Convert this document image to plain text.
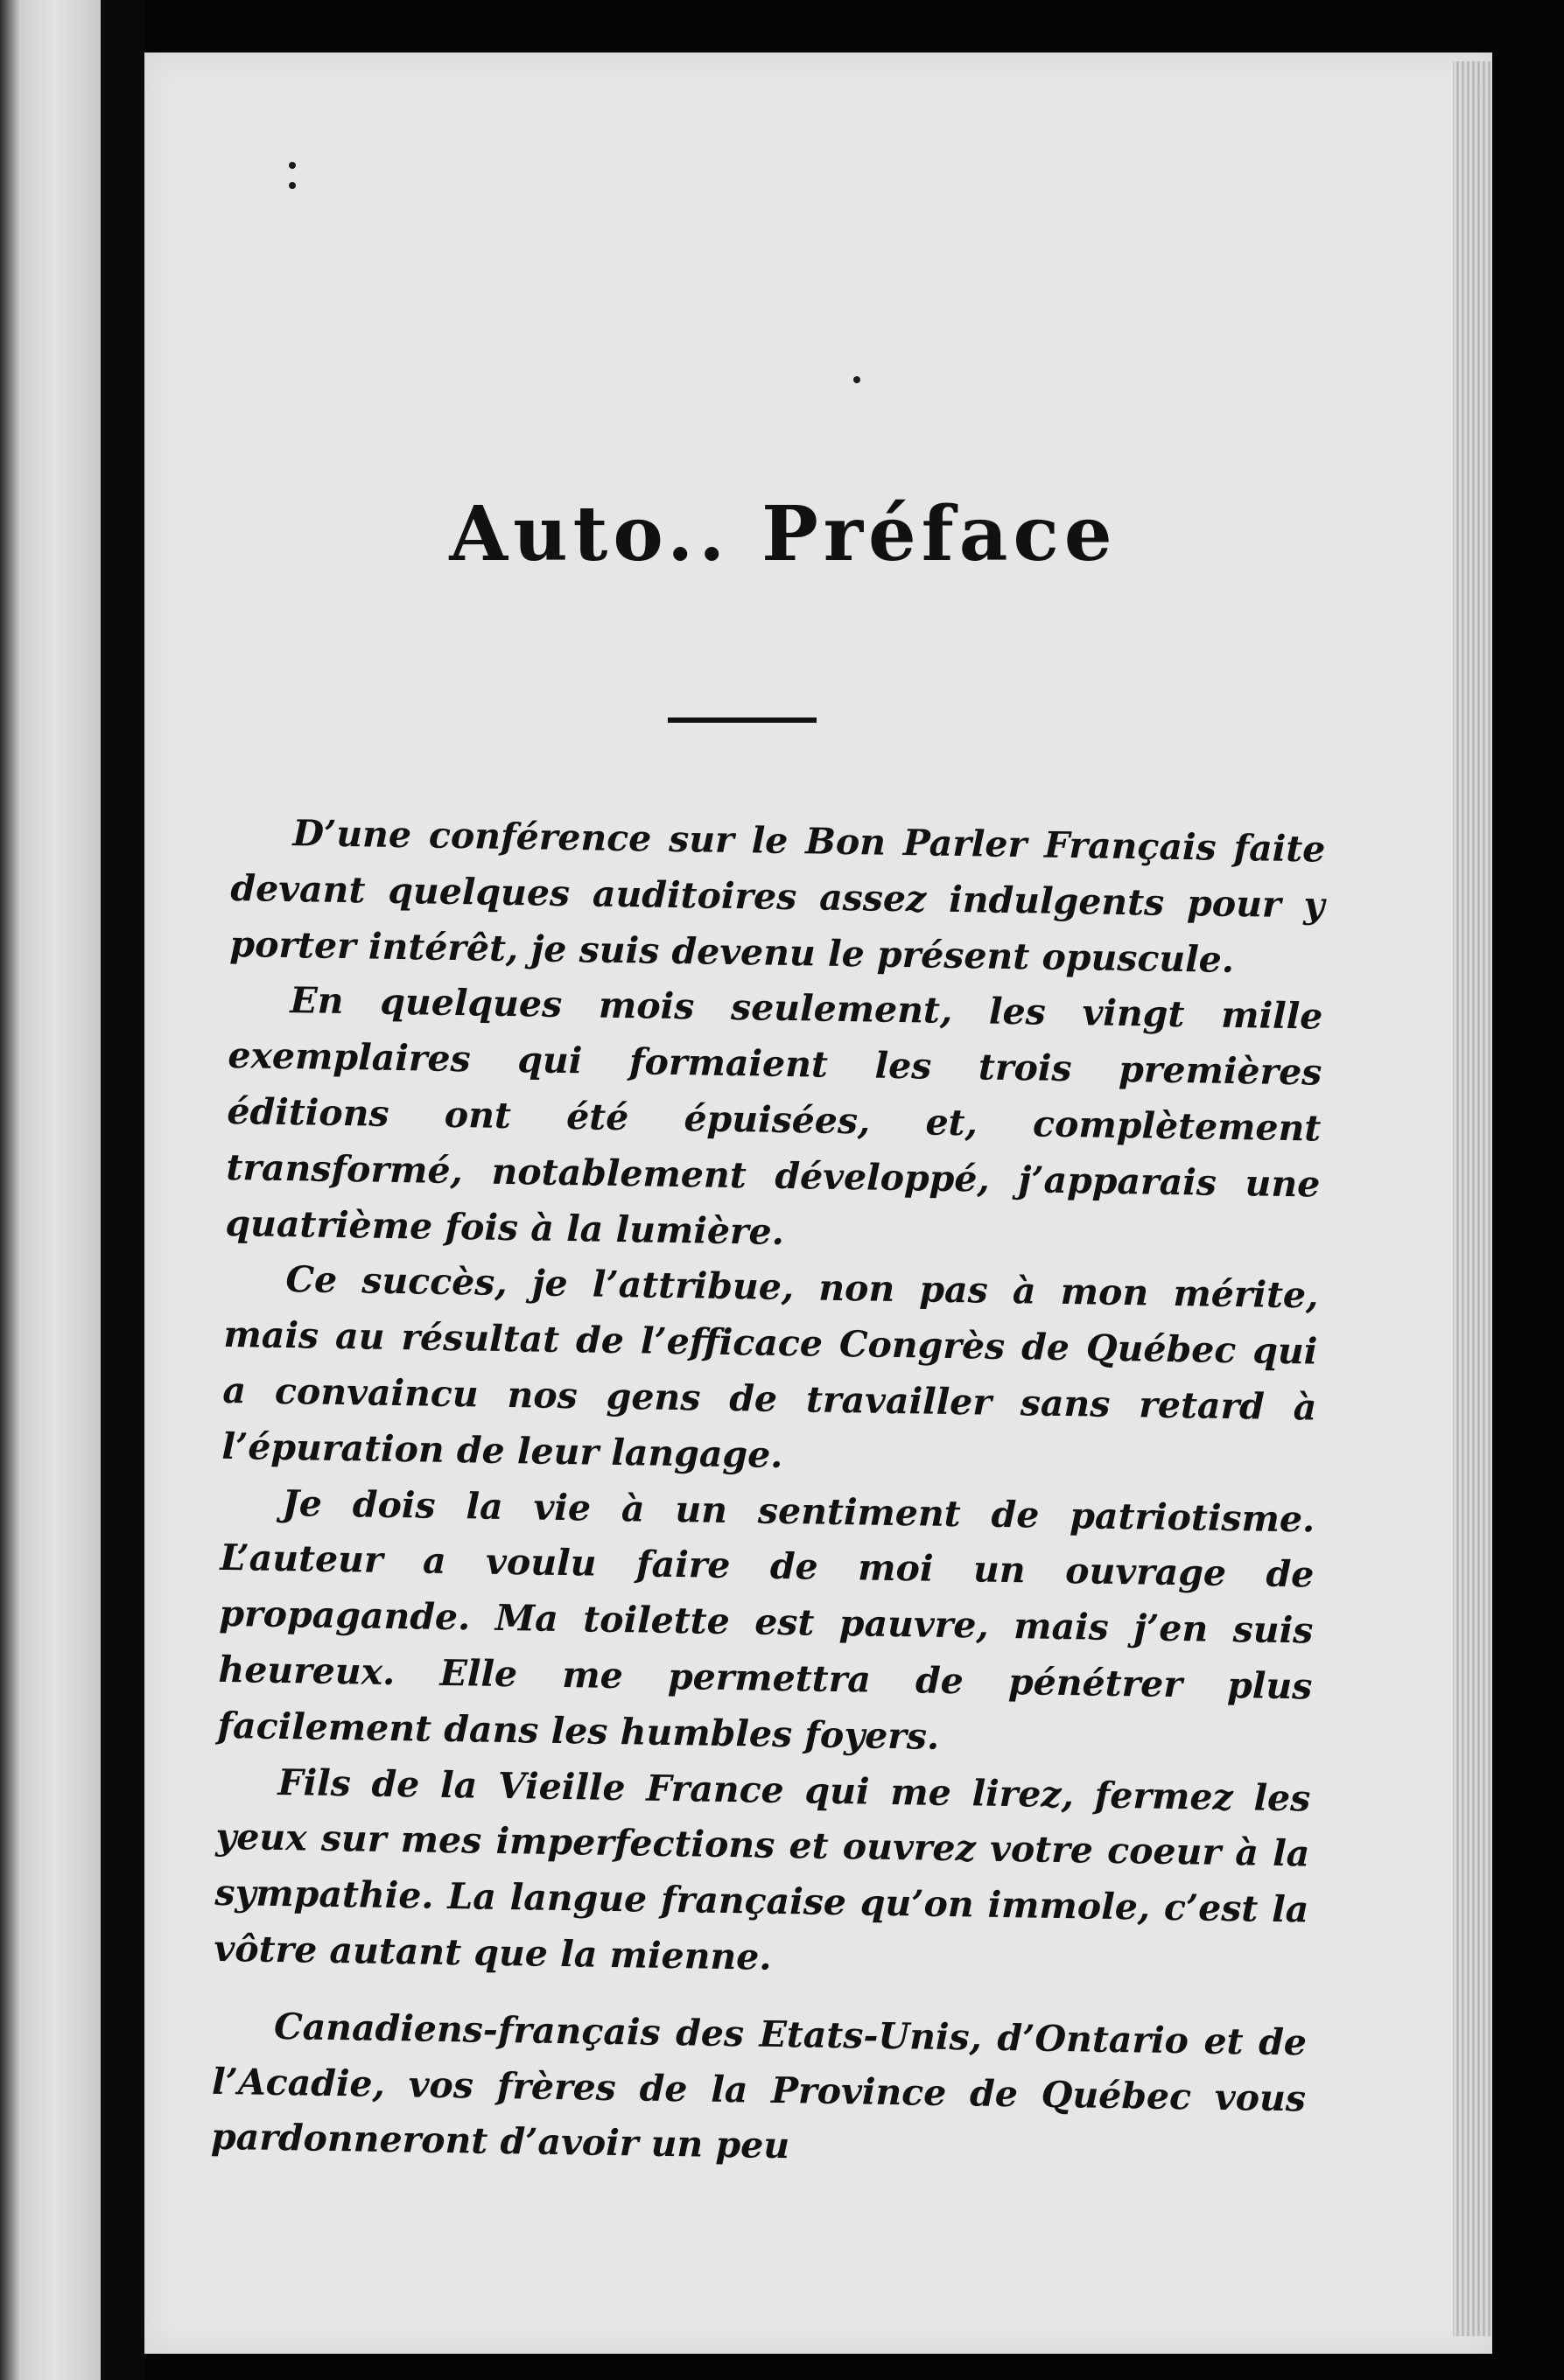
Auto.. Préface

D’une conférence sur le Bon Parler Français faite devant quelques auditoires assez indulgents pour y porter intérêt, je suis devenu le présent opuscule.

En quelques mois seulement, les vingt mille exemplaires qui formaient les trois premières éditions ont été épuisées, et, complètement transformé, notablement développé, j’apparais une quatrième fois à la lumière.

Ce succès, je l’attribue, non pas à mon mérite, mais au résultat de l’efficace Congrès de Québec qui a convaincu nos gens de travailler sans retard à l’épuration de leur langage.

Je dois la vie à un sentiment de patriotisme. L’auteur a voulu faire de moi un ouvrage de propagande. Ma toilette est pauvre, mais j’en suis heureux. Elle me permettra de pénétrer plus facilement dans les humbles foyers.

Fils de la Vieille France qui me lirez, fermez les yeux sur mes imperfections et ouvrez votre coeur à la sympathie. La langue française qu’on immole, c’est la vôtre autant que la mienne.

Canadiens-français des Etats-Unis, d’Ontario et de l’Acadie, vos frères de la Province de Québec vous pardonneront d’avoir un peu
